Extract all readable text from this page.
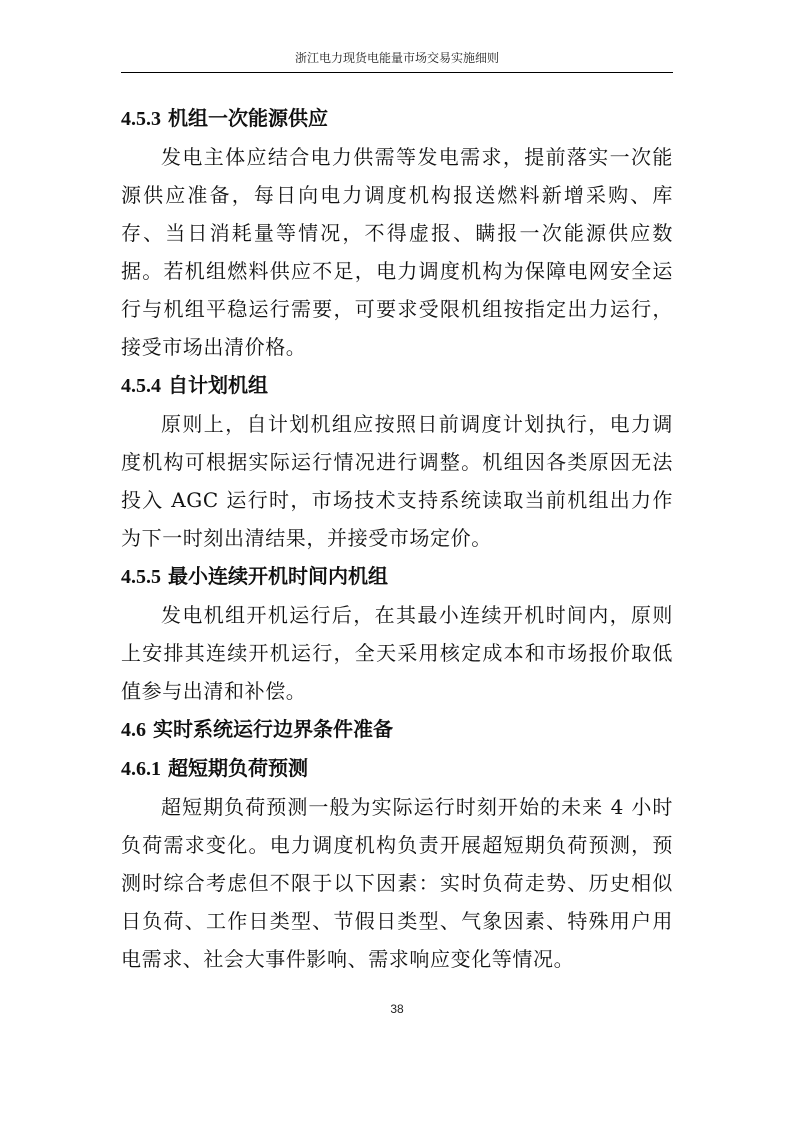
浙江电力现货电能量市场交易实施细则
4.5.3 机组一次能源供应

发电主体应结合电力供需等发电需求，提前落实一次能源供应准备，每日向电力调度机构报送燃料新增采购、库存、当日消耗量等情况，不得虚报、瞒报一次能源供应数据。若机组燃料供应不足，电力调度机构为保障电网安全运行与机组平稳运行需要，可要求受限机组按指定出力运行，接受市场出清价格。

4.5.4 自计划机组

原则上，自计划机组应按照日前调度计划执行，电力调度机构可根据实际运行情况进行调整。机组因各类原因无法投入 AGC 运行时，市场技术支持系统读取当前机组出力作为下一时刻出清结果，并接受市场定价。

4.5.5 最小连续开机时间内机组

发电机组开机运行后，在其最小连续开机时间内，原则上安排其连续开机运行，全天采用核定成本和市场报价取低值参与出清和补偿。

4.6 实时系统运行边界条件准备
4.6.1 超短期负荷预测

超短期负荷预测一般为实际运行时刻开始的未来 4 小时负荷需求变化。电力调度机构负责开展超短期负荷预测，预测时综合考虑但不限于以下因素：实时负荷走势、历史相似日负荷、工作日类型、节假日类型、气象因素、特殊用户用电需求、社会大事件影响、需求响应变化等情况。

38
